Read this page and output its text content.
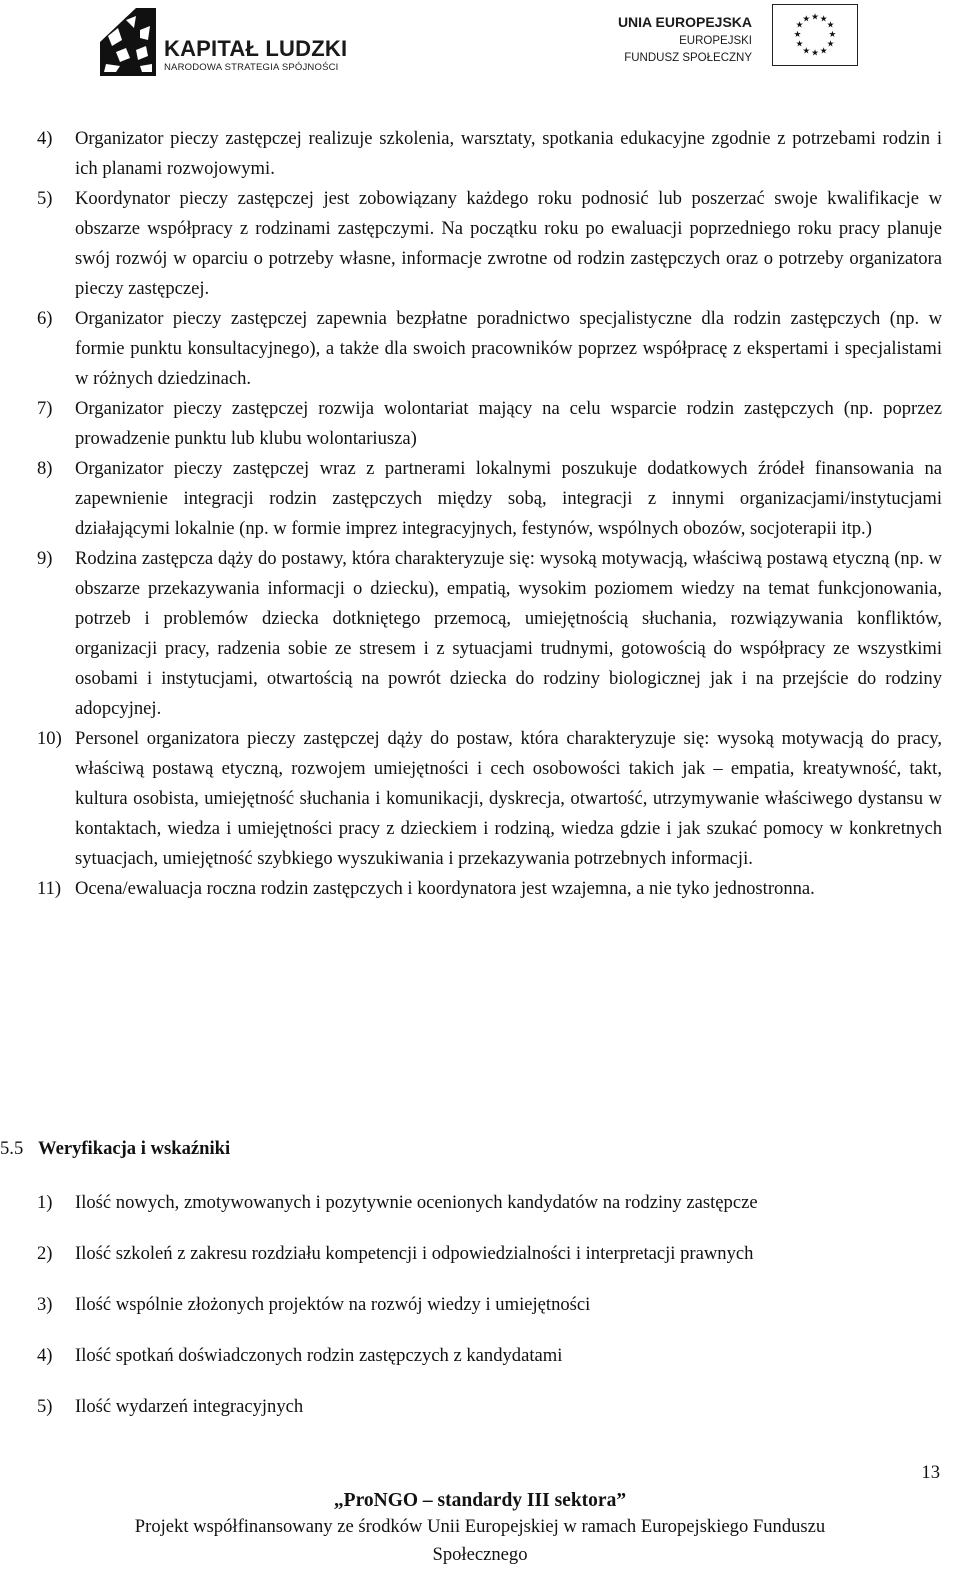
KAPITAŁ LUDZKI
NARODOWA STRATEGIA SPÓJNOŚCI
UNIA EUROPEJSKA
EUROPEJSKI
FUNDUSZ SPOŁECZNY
★ ★
★
★
★
★
★
★
★
★
★
★
4) Organizator pieczy zastępczej realizuje szkolenia, warsztaty, spotkania edukacyjne zgodnie z potrzebami rodzin i ich planami rozwojowymi.
5) Koordynator pieczy zastępczej jest zobowiązany każdego roku podnosić lub poszerzać swoje kwalifikacje w obszarze współpracy z rodzinami zastępczymi. Na początku roku po ewaluacji poprzedniego roku pracy planuje swój rozwój w oparciu o potrzeby własne, informacje zwrotne od rodzin zastępczych oraz o potrzeby organizatora pieczy zastępczej.
6) Organizator pieczy zastępczej zapewnia bezpłatne poradnictwo specjalistyczne dla rodzin zastępczych (np. w formie punktu konsultacyjnego), a także dla swoich pracowników poprzez współpracę z ekspertami i specjalistami w różnych dziedzinach.
7) Organizator pieczy zastępczej rozwija wolontariat mający na celu wsparcie rodzin zastępczych (np. poprzez prowadzenie punktu lub klubu wolontariusza)
8) Organizator pieczy zastępczej wraz z partnerami lokalnymi poszukuje dodatkowych źródeł finansowania na zapewnienie integracji rodzin zastępczych między sobą, integracji z innymi organizacjami/instytucjami działającymi lokalnie (np. w formie imprez integracyjnych, festynów, wspólnych obozów, socjoterapii itp.)
9) Rodzina zastępcza dąży do postawy, która charakteryzuje się: wysoką motywacją, właściwą postawą etyczną (np. w obszarze przekazywania informacji o dziecku), empatią, wysokim poziomem wiedzy na temat funkcjonowania, potrzeb i problemów dziecka dotkniętego przemocą, umiejętnością słuchania, rozwiązywania konfliktów, organizacji pracy, radzenia sobie ze stresem i z sytuacjami trudnymi, gotowością do współpracy ze wszystkimi osobami i instytucjami, otwartością na powrót dziecka do rodziny biologicznej jak i na przejście do rodziny adopcyjnej.
10) Personel organizatora pieczy zastępczej dąży do postaw, która charakteryzuje się: wysoką motywacją do pracy, właściwą postawą etyczną, rozwojem umiejętności i cech osobowości takich jak – empatia, kreatywność, takt, kultura osobista, umiejętność słuchania i komunikacji, dyskrecja, otwartość, utrzymywanie właściwego dystansu w kontaktach, wiedza i umiejętności pracy z dzieckiem i rodziną, wiedza gdzie i jak szukać pomocy w konkretnych sytuacjach, umiejętność szybkiego wyszukiwania i przekazywania potrzebnych informacji.
11) Ocena/ewaluacja roczna rodzin zastępczych i koordynatora jest wzajemna, a nie tyko jednostronna.
5.5 Weryfikacja i wskaźniki
1) Ilość nowych, zmotywowanych i pozytywnie ocenionych kandydatów na rodziny zastępcze
2) Ilość szkoleń z zakresu rozdziału kompetencji i odpowiedzialności i interpretacji prawnych
3) Ilość wspólnie złożonych projektów na rozwój wiedzy i umiejętności
4) Ilość spotkań doświadczonych rodzin zastępczych z kandydatami
5) Ilość wydarzeń integracyjnych
13
„ProNGO – standardy III sektora”
Projekt współfinansowany ze środków Unii Europejskiej w ramach Europejskiego Funduszu
Społecznego
